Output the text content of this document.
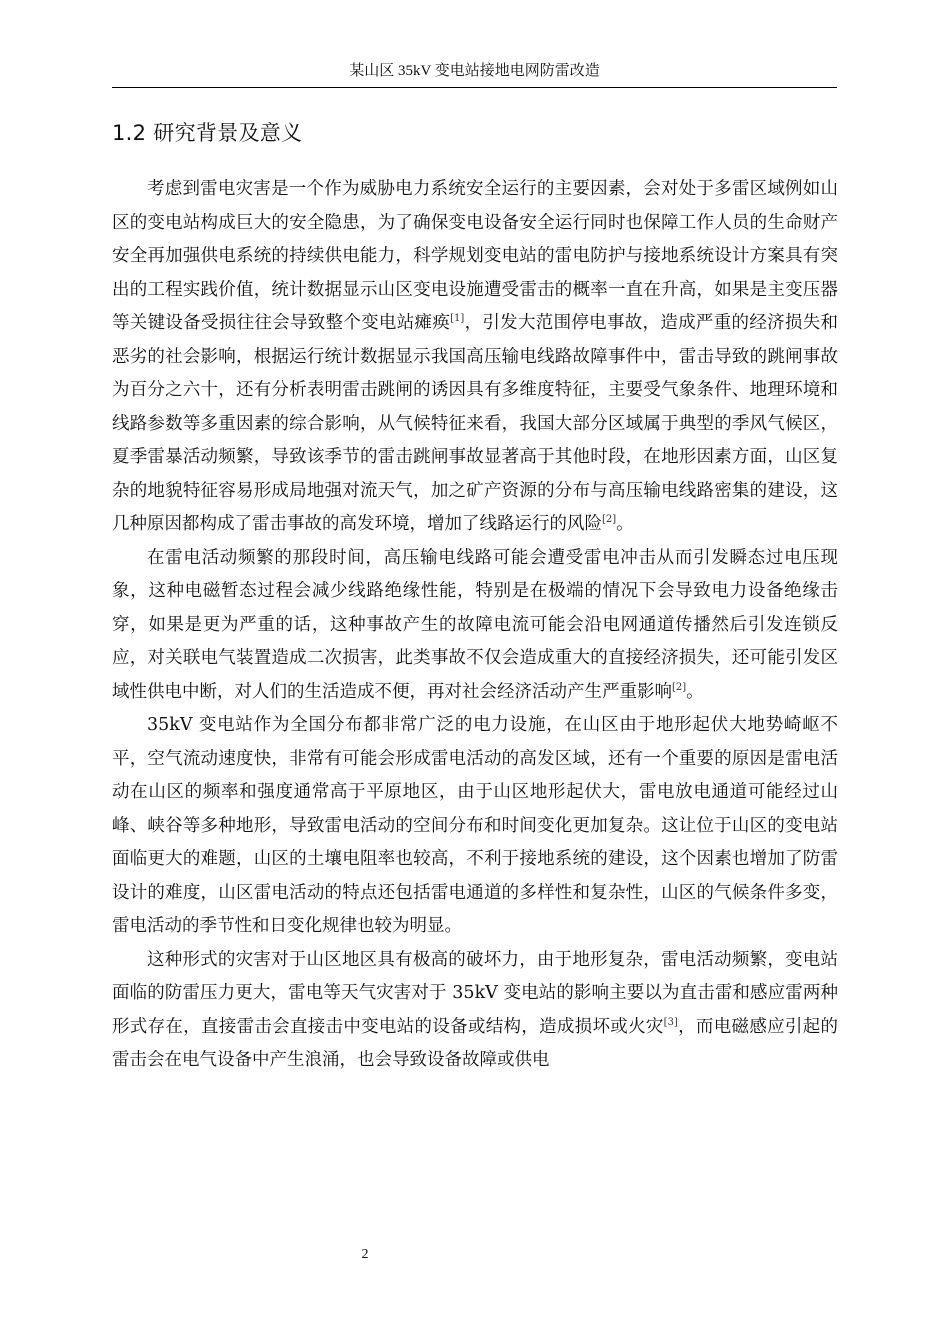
某山区 35kV 变电站接地电网防雷改造
1.2 研究背景及意义

考虑到雷电灾害是一个作为威胁电力系统安全运行的主要因素，会对处于多雷区域例如山区的变电站构成巨大的安全隐患，为了确保变电设备安全运行同时也保障工作人员的生命财产安全再加强供电系统的持续供电能力，科学规划变电站的雷电防护与接地系统设计方案具有突出的工程实践价值，统计数据显示山区变电设施遭受雷击的概率一直在升高，如果是主变压器等关键设备受损往往会导致整个变电站瘫痪[1]，引发大范围停电事故，造成严重的经济损失和恶劣的社会影响，根据运行统计数据显示我国高压输电线路故障事件中，雷击导致的跳闸事故为百分之六十，还有分析表明雷击跳闸的诱因具有多维度特征，主要受气象条件、地理环境和线路参数等多重因素的综合影响，从气候特征来看，我国大部分区域属于典型的季风气候区，夏季雷暴活动频繁，导致该季节的雷击跳闸事故显著高于其他时段，在地形因素方面，山区复杂的地貌特征容易形成局地强对流天气，加之矿产资源的分布与高压输电线路密集的建设，这几种原因都构成了雷击事故的高发环境，增加了线路运行的风险[2]。

在雷电活动频繁的那段时间，高压输电线路可能会遭受雷电冲击从而引发瞬态过电压现象，这种电磁暂态过程会减少线路绝缘性能，特别是在极端的情况下会导致电力设备绝缘击穿，如果是更为严重的话，这种事故产生的故障电流可能会沿电网通道传播然后引发连锁反应，对关联电气装置造成二次损害，此类事故不仅会造成重大的直接经济损失，还可能引发区域性供电中断，对人们的生活造成不便，再对社会经济活动产生严重影响[2]。

35kV 变电站作为全国分布都非常广泛的电力设施，在山区由于地形起伏大地势崎岖不平，空气流动速度快，非常有可能会形成雷电活动的高发区域，还有一个重要的原因是雷电活动在山区的频率和强度通常高于平原地区，由于山区地形起伏大，雷电放电通道可能经过山峰、峡谷等多种地形，导致雷电活动的空间分布和时间变化更加复杂。这让位于山区的变电站面临更大的难题，山区的土壤电阻率也较高，不利于接地系统的建设，这个因素也增加了防雷设计的难度，山区雷电活动的特点还包括雷电通道的多样性和复杂性，山区的气候条件多变，雷电活动的季节性和日变化规律也较为明显。

这种形式的灾害对于山区地区具有极高的破坏力，由于地形复杂，雷电活动频繁，变电站面临的防雷压力更大，雷电等天气灾害对于 35kV 变电站的影响主要以为直击雷和感应雷两种形式存在，直接雷击会直接击中变电站的设备或结构，造成损坏或火灾[3]，而电磁感应引起的雷击会在电气设备中产生浪涌，也会导致设备故障或供电

2
